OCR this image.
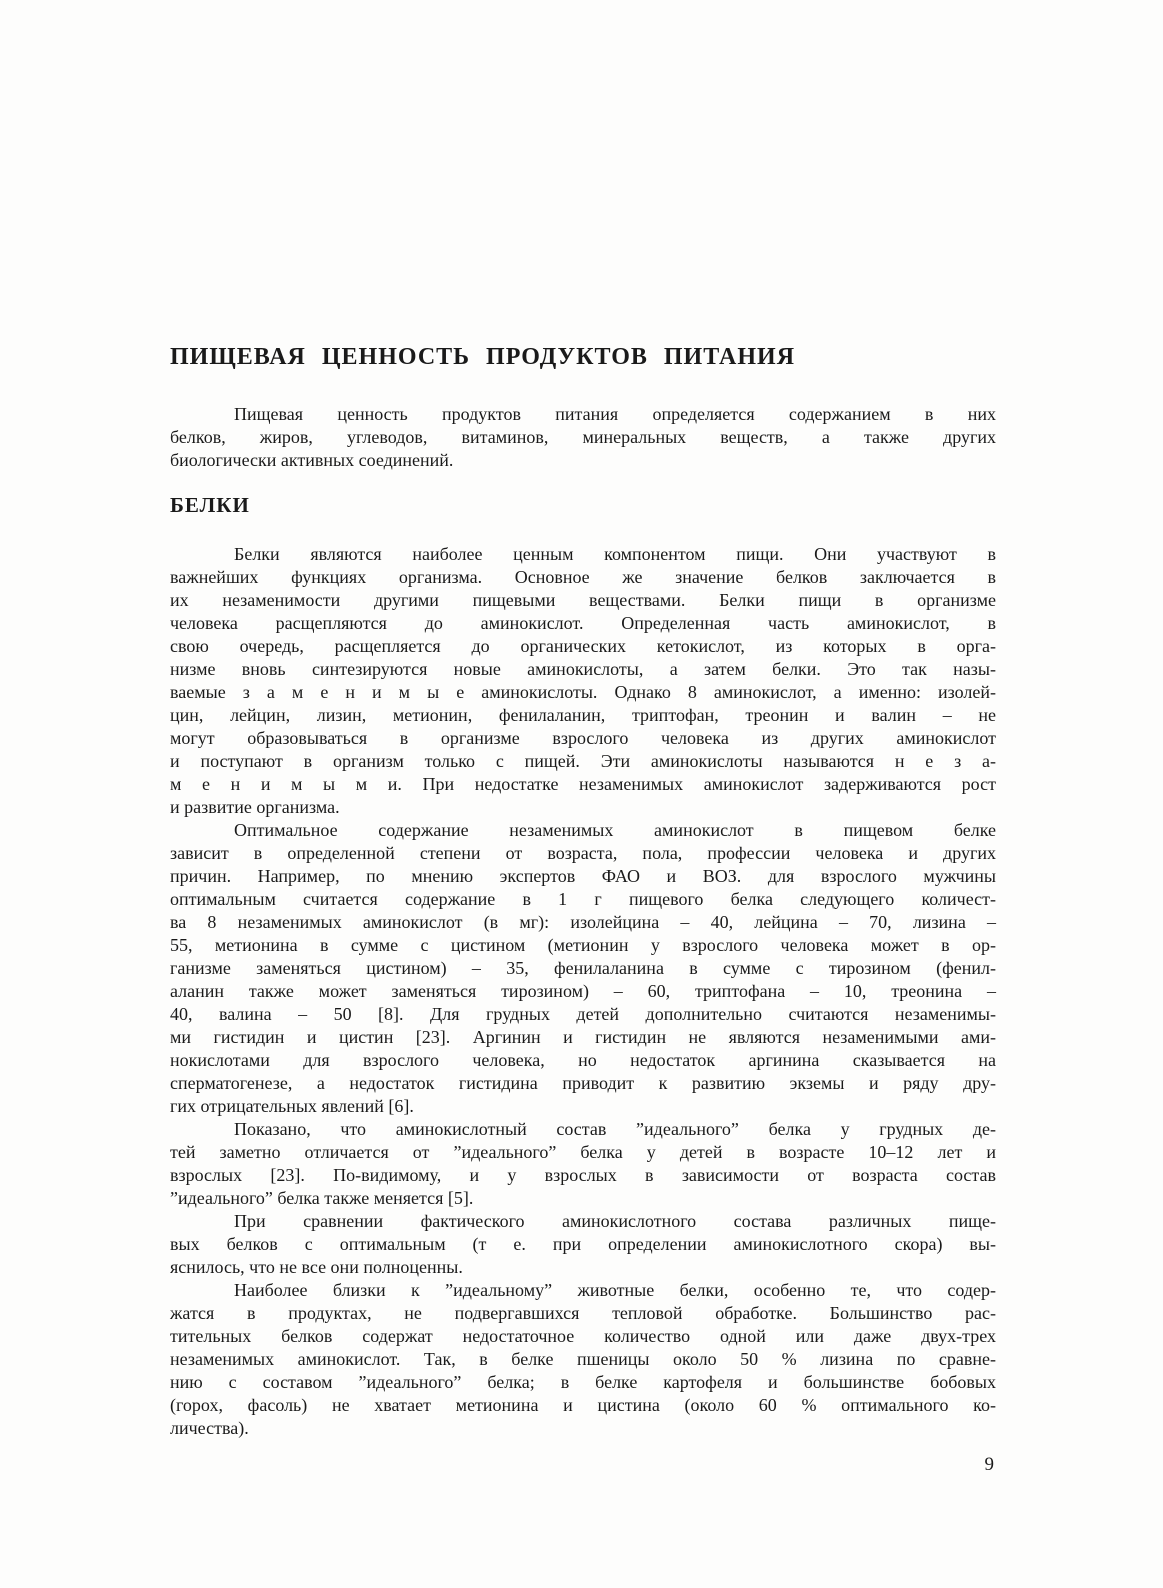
ПИЩЕВАЯ ЦЕННОСТЬ ПРОДУКТОВ ПИТАНИЯ
Пищевая ценность продуктов питания определяется содержанием в них
белков, жиров, углеводов, витаминов, минеральных веществ, а также других
биологически активных соединений.
БЕЛКИ
Белки являются наиболее ценным компонентом пищи. Они участвуют в
важнейших функциях организма. Основное же значение белков заключается в
их незаменимости другими пищевыми веществами. Белки пищи в организме
человека расщепляются до аминокислот. Определенная часть аминокислот, в
свою очередь, расщепляется до органических кетокислот, из которых в орга-
низме вновь синтезируются новые аминокислоты, а затем белки. Это так назы-
ваемые з а м е н и м ы е аминокислоты. Однако 8 аминокислот, а именно: изолей-
цин, лейцин, лизин, метионин, фенилаланин, триптофан, треонин и валин – не
могут образовываться в организме взрослого человека из других аминокислот
и поступают в организм только с пищей. Эти аминокислоты называются н е з а-
м е н и м ы м и. При недостатке незаменимых аминокислот задерживаются рост
и развитие организма.
Оптимальное содержание незаменимых аминокислот в пищевом белке
зависит в определенной степени от возраста, пола, профессии человека и других
причин. Например, по мнению экспертов ФАО и ВОЗ. для взрослого мужчины
оптимальным считается содержание в 1 г пищевого белка следующего количест-
ва 8 незаменимых аминокислот (в мг): изолейцина – 40, лейцина – 70, лизина –
55, метионина в сумме с цистином (метионин у взрослого человека может в ор-
ганизме заменяться цистином) – 35, фенилаланина в сумме с тирозином (фенил-
аланин также может заменяться тирозином) – 60, триптофана – 10, треонина –
40, валина – 50 [8]. Для грудных детей дополнительно считаются незаменимы-
ми гистидин и цистин [23]. Аргинин и гистидин не являются незаменимыми ами-
нокислотами для взрослого человека, но недостаток аргинина сказывается на
сперматогенезе, а недостаток гистидина приводит к развитию экземы и ряду дру-
гих отрицательных явлений [6].
Показано, что аминокислотный состав ”идеального” белка у грудных де-
тей заметно отличается от ”идеального” белка у детей в возрасте 10–12 лет и
взрослых [23]. По-видимому, и у взрослых в зависимости от возраста состав
”идеального” белка также меняется [5].
При сравнении фактического аминокислотного состава различных пище-
вых белков с оптимальным (т е. при определении аминокислотного скора) вы-
яснилось, что не все они полноценны.
Наиболее близки к ”идеальному” животные белки, особенно те, что содер-
жатся в продуктах, не подвергавшихся тепловой обработке. Большинство рас-
тительных белков содержат недостаточное количество одной или даже двух-трех
незаменимых аминокислот. Так, в белке пшеницы около 50 % лизина по сравне-
нию с составом ”идеального” белка; в белке картофеля и большинстве бобовых
(горох, фасоль) не хватает метионина и цистина (около 60 % оптимального ко-
личества).
9
